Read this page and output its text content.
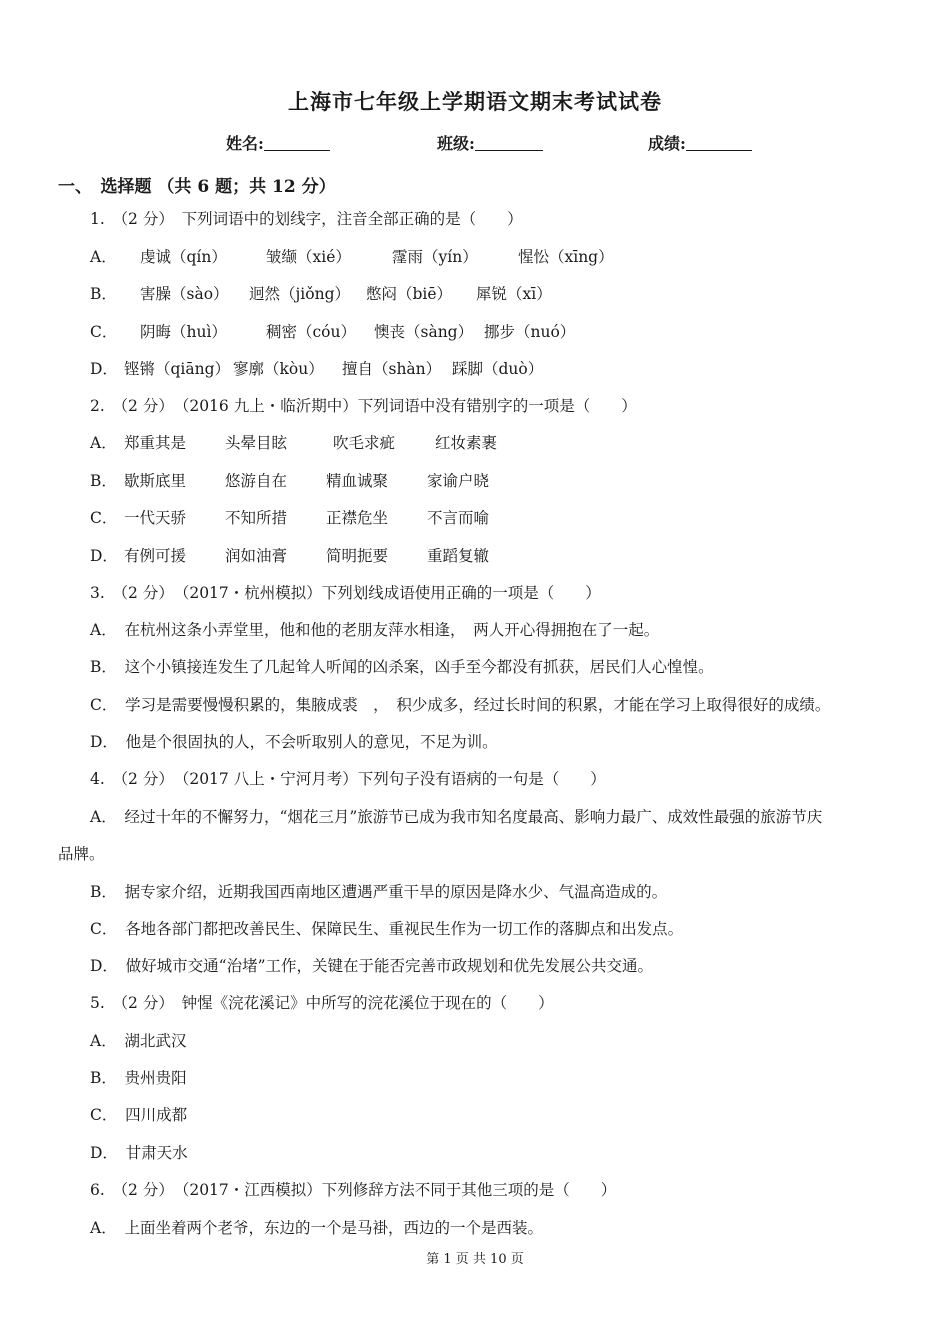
上海市七年级上学期语文期末考试试卷
姓名:	班级:	成绩:
一、　选择题 （共 6 题；共 12 分）
1.　（2 分）　下列词语中的划线字，注音全部正确的是（　　）
A． 虔诚（qín）	皱缬（xié）	霪雨（yín）	惺忪（xīng）
B． 害臊（sào） 迥然（jiǒng） 憋闷（biē） 犀锐（xī）
C． 阴晦（huì）	稠密（cóu） 懊丧（sàng） 挪步（nuó）
D． 铿锵（qiāng） 寥廓（kòu） 擅自（shàn） 踩脚（duò）
2.　（2 分）　（2016 九上・临沂期中）下列词语中没有错别字的一项是（　　）
A． 郑重其是	头晕目眩	吹毛求疵	红妆素裹
B． 歇斯底里	悠游自在	精血诚聚	家谕户晓
C． 一代天骄	不知所措	正襟危坐	不言而喻
D． 有例可援	润如油膏	简明扼要	重蹈复辙
3.　（2 分）　（2017・杭州模拟）下列划线成语使用正确的一项是（　　）
A．　在杭州这条小弄堂里，他和他的老朋友萍水相逢，　两人开心得拥抱在了一起。
B．　这个小镇接连发生了几起耸人听闻的凶杀案，凶手至今都没有抓获，居民们人心惶惶。
C．　学习是需要慢慢积累的，集腋成裘　，　积少成多，经过长时间的积累，才能在学习上取得很好的成绩。
D．　他是个很固执的人，不会听取别人的意见，不足为训。
4.　（2 分）　（2017 八上・宁河月考）下列句子没有语病的一句是（　　）
A．　经过十年的不懈努力，“烟花三月”旅游节已成为我市知名度最高、影响力最广、成效性最强的旅游节庆
品牌。
B．　据专家介绍，近期我国西南地区遭遇严重干旱的原因是降水少、气温高造成的。
C．　各地各部门都把改善民生、保障民生、重视民生作为一切工作的落脚点和出发点。
D．　做好城市交通“治堵”工作，关键在于能否完善市政规划和优先发展公共交通。
5.　（2 分）　钟惺《浣花溪记》中所写的浣花溪位于现在的（　　）
A．　湖北武汉
B．　贵州贵阳
C．　四川成都
D．　甘肃天水
6.　（2 分）　（2017・江西模拟）下列修辞方法不同于其他三项的是（　　）
A．　上面坐着两个老爷，东边的一个是马褂，西边的一个是西装。
第 1 页 共 10 页
